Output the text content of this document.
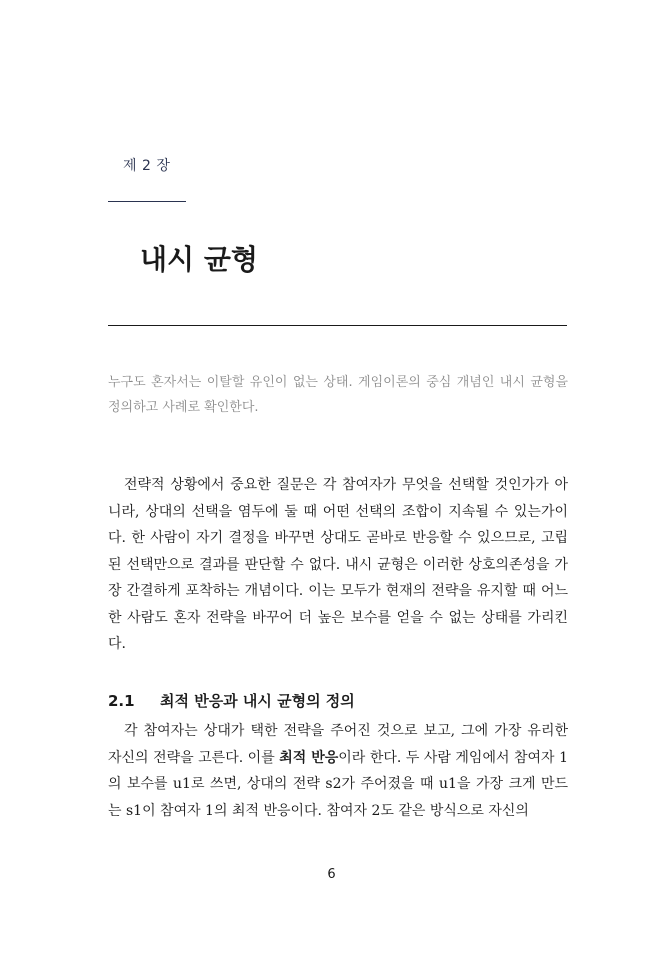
제 2 장
내시 균형

누구도 혼자서는 이탈할 유인이 없는 상태. 게임이론의 중심 개념인 내시 균형을 정의하고 사례로 확인한다.

전략적 상황에서 중요한 질문은 각 참여자가 무엇을 선택할 것인가가 아니라, 상대의 선택을 염두에 둘 때 어떤 선택의 조합이 지속될 수 있는가이다. 한 사람이 자기 결정을 바꾸면 상대도 곧바로 반응할 수 있으므로, 고립된 선택만으로 결과를 판단할 수 없다. 내시 균형은 이러한 상호의존성을 가장 간결하게 포착하는 개념이다. 이는 모두가 현재의 전략을 유지할 때 어느 한 사람도 혼자 전략을 바꾸어 더 높은 보수를 얻을 수 없는 상태를 가리킨다.

2.1 최적 반응과 내시 균형의 정의

각 참여자는 상대가 택한 전략을 주어진 것으로 보고, 그에 가장 유리한 자신의 전략을 고른다. 이를 최적 반응이라 한다. 두 사람 게임에서 참여자 1의 보수를 u1로 쓰면, 상대의 전략 s2가 주어졌을 때 u1을 가장 크게 만드는 s1이 참여자 1의 최적 반응이다. 참여자 2도 같은 방식으로 자신의

6
